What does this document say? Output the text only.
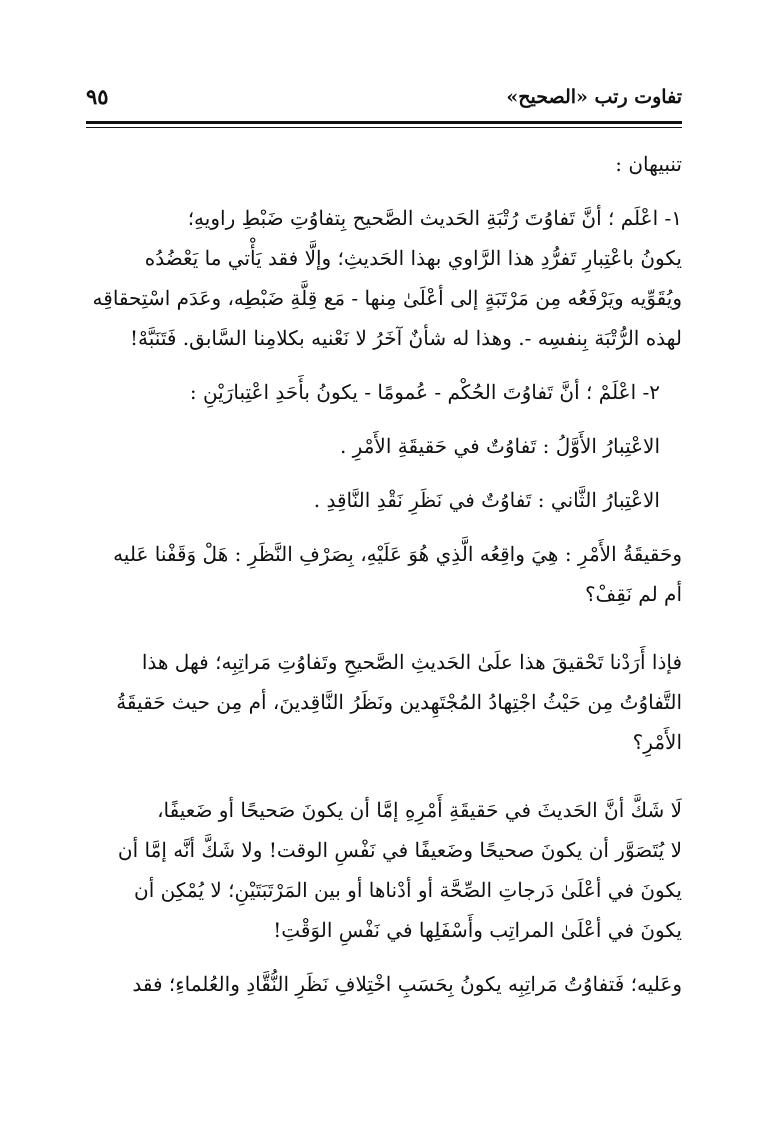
تفاوت رتب «الصحيح»
٩٥

تنبيهان :

١- اعْلَم ؛ أنَّ تَفاوُتَ رُتْبَةِ الحَديث الصَّحيح بِتفاوُتِ ضَبْطِ راويهِ؛
يكونُ باعْتِبارِ تَفرُّدِ هذا الرَّاوي بهذا الحَديثِ؛ وإلَّا فقد يَأْتي ما يَعْضُدُه
ويُقَوِّيه ويَرْفَعُه مِن مَرْتَبَةٍ إلى أعْلَىٰ مِنها - مَع قِلَّةِ ضَبْطِه، وعَدَم اسْتِحقاقِه
لهذه الرُّتْبَة بِنفسِه -. وهذا له شأنٌ آخَرُ لا نَعْنيه بكلامِنا السَّابق. فَتَنَبَّهْ!

٢- اعْلَمْ ؛ أنَّ تَفاوُتَ الحُكْم - عُمومًا - يكونُ بأَحَدِ اعْتِبارَيْنِ :

الاعْتِبارُ الأَوَّلُ : تَفاوُتٌ في حَقيقَةِ الأَمْرِ .

الاعْتِبارُ الثَّاني : تَفاوُتٌ في نَظَرِ نَقْدِ النَّاقِدِ .

وحَقيقَةُ الأَمْرِ : هِيَ واقِعُه الَّذِي هُوَ عَلَيْهِ، بِصَرْفِ النَّظَرِ : هَلْ وَقَفْنا عَليه
أم لم نَقِفْ؟
فإذا أَرَدْنا تَحْقيقَ هذا علَىٰ الحَديثِ الصَّحيحِ وتَفاوُتِ مَراتِبِه؛ فهل هذا
التَّفاوُتُ مِن حَيْثُ اجْتِهادُ المُجْتَهِدين ونَظَرُ النَّاقِدينَ، أم مِن حيث حَقيقَةُ
الأَمْرِ؟
لَا شَكَّ أنَّ الحَديثَ في حَقيقَةِ أَمْرِهِ إمَّا أن يكونَ صَحيحًا أو ضَعيفًا،
لا يُتَصَوَّر أن يكونَ صحيحًا وضَعيفًا في نَفْسِ الوقت! ولا شَكَّ أنَّه إمَّا أن
يكونَ في أعْلَىٰ دَرجاتِ الصِّحَّة أو أدْناها أو بين المَرْتَبَتَيْنِ؛ لا يُمْكِن أن
يكونَ في أعْلَىٰ المراتِب وأَسْفَلِها في نَفْسِ الوَقْتِ!

وعَليه؛ فَتفاوُتُ مَراتِبِه يكونُ بِحَسَبِ اخْتِلافِ نَظَرِ النُّقَّادِ والعُلماءِ؛ فقد
